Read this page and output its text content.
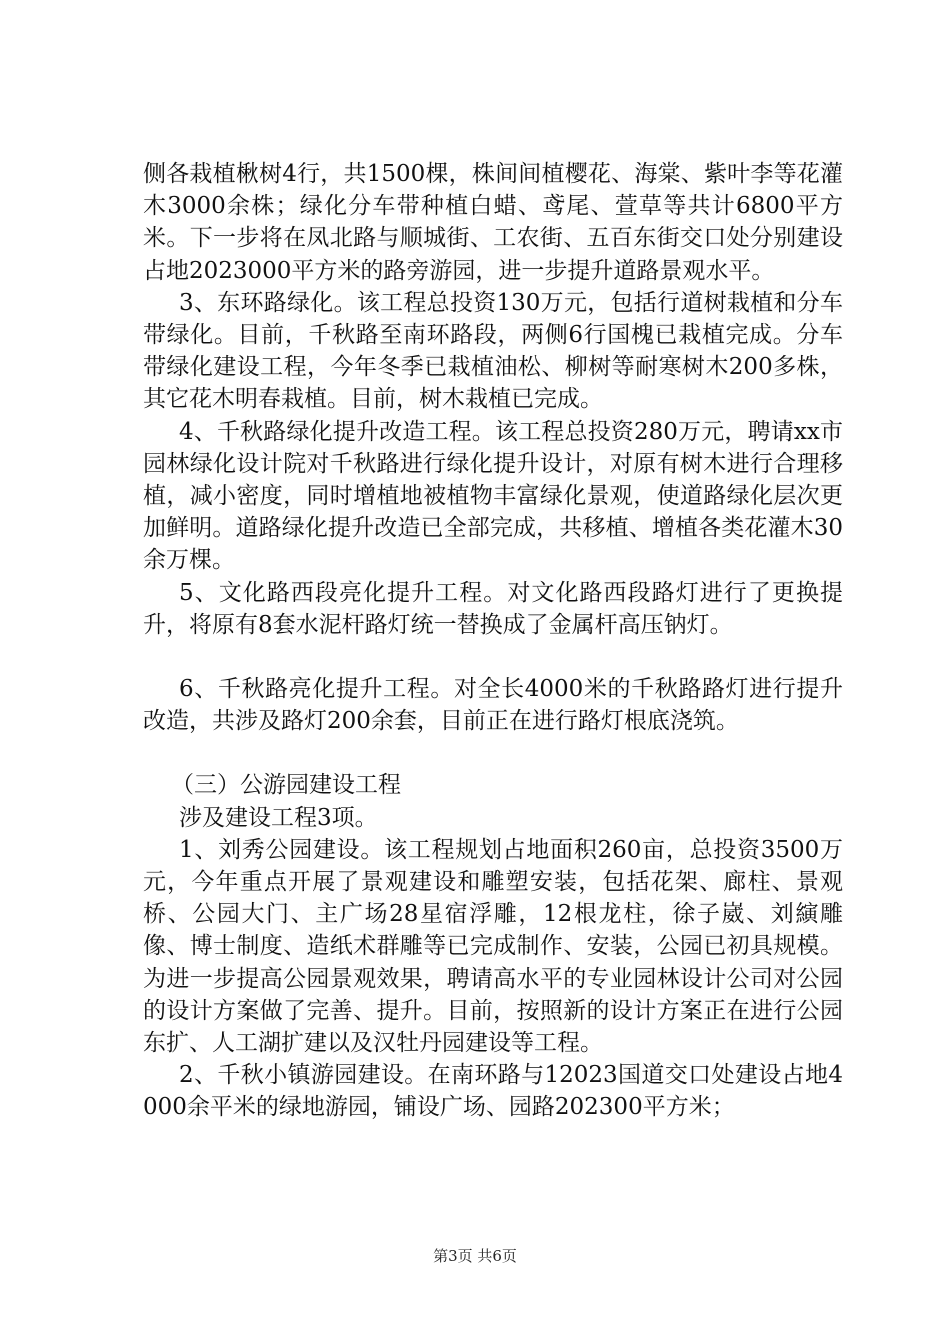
侧各栽植楸树4行，共1500棵，株间间植樱花、海棠、紫叶李等花灌木3000余株；绿化分车带种植白蜡、鸢尾、萱草等共计6800平方米。下一步将在凤北路与顺城街、工农街、五百东街交口处分别建设占地2023000平方米的路旁游园，进一步提升道路景观水平。

3、东环路绿化。该工程总投资130万元，包括行道树栽植和分车带绿化。目前，千秋路至南环路段，两侧6行国槐已栽植完成。分车带绿化建设工程，今年冬季已栽植油松、柳树等耐寒树木200多株，其它花木明春栽植。目前，树木栽植已完成。

4、千秋路绿化提升改造工程。该工程总投资280万元，聘请xx市园林绿化设计院对千秋路进行绿化提升设计，对原有树木进行合理移植，减小密度，同时增植地被植物丰富绿化景观，使道路绿化层次更加鲜明。道路绿化提升改造已全部完成，共移植、增植各类花灌木30余万棵。

5、文化路西段亮化提升工程。对文化路西段路灯进行了更换提升，将原有8套水泥杆路灯统一替换成了金属杆高压钠灯。

6、千秋路亮化提升工程。对全长4000米的千秋路路灯进行提升改造，共涉及路灯200余套，目前正在进行路灯根底浇筑。

（三）公游园建设工程

涉及建设工程3项。

1、刘秀公园建设。该工程规划占地面积260亩，总投资3500万元，今年重点开展了景观建设和雕塑安装，包括花架、廊柱、景观桥、公园大门、主广场28星宿浮雕，12根龙柱，徐子崴、刘縯雕像、博士制度、造纸术群雕等已完成制作、安装，公园已初具规模。为进一步提高公园景观效果，聘请高水平的专业园林设计公司对公园的设计方案做了完善、提升。目前，按照新的设计方案正在进行公园东扩、人工湖扩建以及汉牡丹园建设等工程。

2、千秋小镇游园建设。在南环路与12023国道交口处建设占地4000余平米的绿地游园，铺设广场、园路202300平方米；

第3页 共6页
